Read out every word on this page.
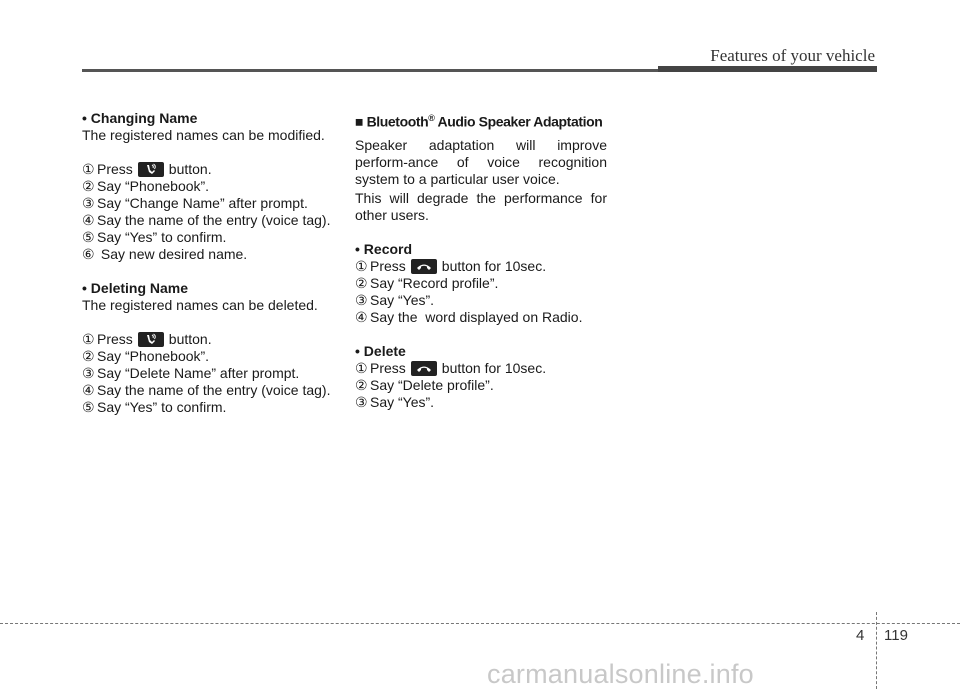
Features of your vehicle

• Changing Name

The registered names can be modified.

① Press	button.
② Say “Phonebook”.
③ Say “Change Name” after prompt.
④ Say the name of the entry (voice tag).
⑤ Say “Yes” to confirm.
⑥ Say new desired name.

• Deleting Name

The registered names can be deleted.

① Press	button.
② Say “Phonebook”.
③ Say “Delete Name” after prompt.
④ Say the name of the entry (voice tag).
⑤ Say “Yes” to confirm.

■ Bluetooth® Audio Speaker Adaptation

Speaker adaptation will improve perform-ance of voice recognition system to a particular user voice.

This will degrade the performance for other users.

• Record

① Press	button for 10sec.
② Say “Record profile”.
③ Say “Yes”.
④ Say the  word displayed on Radio.

• Delete

① Press	button for 10sec.
② Say “Delete profile”.
③ Say “Yes”.
4 119
carmanualsonline.info
